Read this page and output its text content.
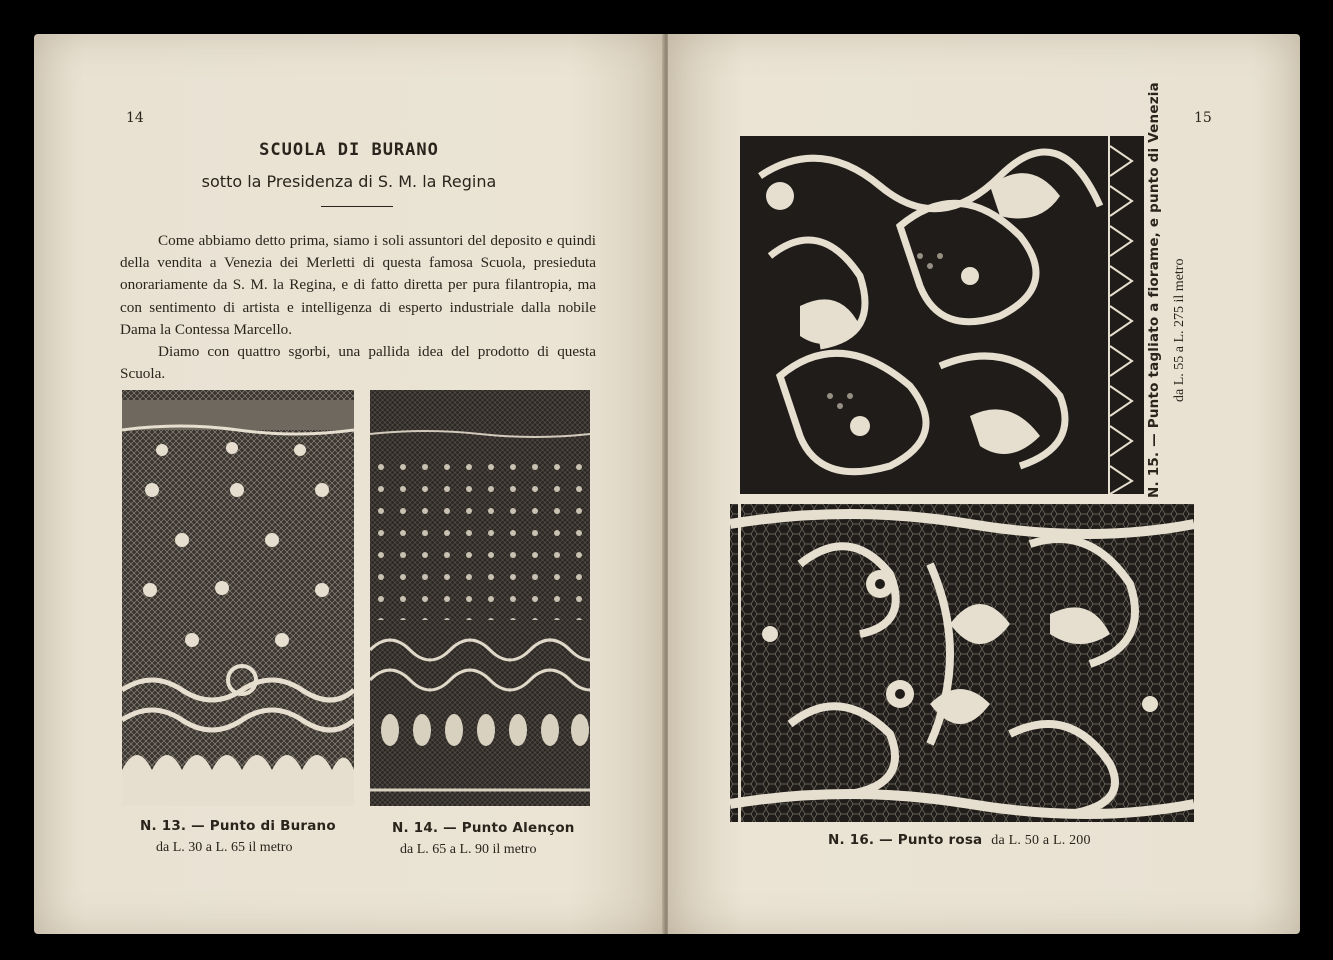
14
SCUOLA DI BURANO
sotto la Presidenza di S. M. la Regina

Come abbiamo detto prima, siamo i soli assuntori del deposito e quindi della vendita a Venezia dei Merletti di questa famosa Scuola, presieduta onorariamente da S. M. la Regina, e di fatto diretta per pura filantropia, ma con sentimento di artista e intelligenza di esperto industriale dalla nobile Dama la Contessa Marcello.

Diamo con quattro sgorbi, una pallida idea del prodotto di questa Scuola.

N. 13. — Punto di Burano
da L. 30 a L. 65 il metro
N. 14. — Punto Alençon
da L. 65 a L. 90 il metro
15
N. 15. — Punto tagliato a fiorame, e punto di Venezia da L. 55 a L. 275 il metro
N. 16. — Punto rosa da L. 50 a L. 200
